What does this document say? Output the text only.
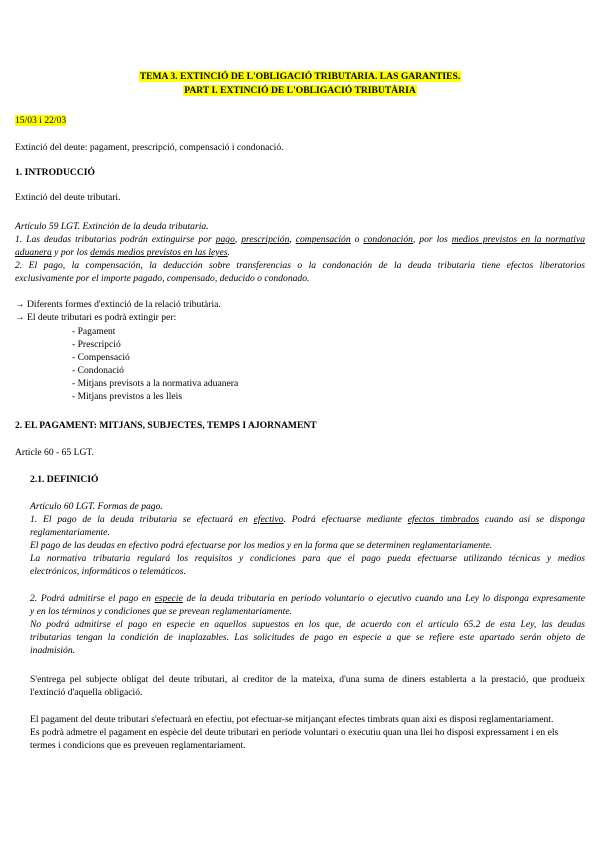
TEMA 3. EXTINCIÓ DE L'OBLIGACIÓ TRIBUTARIA. LAS GARANTIES.
PART I. EXTINCIÓ DE L'OBLIGACIÓ TRIBUTÀRIA

15/03 i 22/03

Extinció del deute: pagament, prescripció, compensació i condonació.

1. INTRODUCCIÓ

Extinció del deute tributari.

Artículo 59 LGT. Extinción de la deuda tributaria.

1. Las deudas tributarias podrán extinguirse por pago, prescripción, compensación o condonación, por los medios previstos en la normativa

aduanera y por los demás medios previstos en las leyes.

2. El pago, la compensación, la deducción sobre transferencias o la condonación de la deuda tributaria tiene efectos liberatorios

exclusivamente por el importe pagado, compensado, deducido o condonado.

→ Diferents formes d'extinció de la relació tributària.

→ El deute tributari es podrà extingir per:

- Pagament

- Prescripció

- Compensació

- Condonació

- Mitjans previsots a la normativa aduanera

- Mitjans previstos a les lleis

2. EL PAGAMENT: MITJANS, SUBJECTES, TEMPS I AJORNAMENT

Article 60 - 65 LGT.

2.1. DEFINICIÓ

Artículo 60 LGT. Formas de pago.

1. El pago de la deuda tributaria se efectuará en efectivo. Podrá efectuarse mediante efectos timbrados cuando así se disponga

reglamentariamente.

El pago de las deudas en efectivo podrá efectuarse por los medios y en la forma que se determinen reglamentariamente.

La normativa tributaria regulará los requisitos y condiciones para que el pago pueda efectuarse utilizando técnicas y medios

electrónicos, informáticos o telemáticos.

2. Podrá admitirse el pago en especie de la deuda tributaria en período voluntario o ejecutivo cuando una Ley lo disponga expresamente

y en los términos y condiciones que se prevean reglamentariamente.

No podrá admitirse el pago en especie en aquellos supuestos en los que, de acuerdo con el artículo 65.2 de esta Ley, las deudas

tributarias tengan la condición de inaplazables. Las solicitudes de pago en especie a que se refiere este apartado serán objeto de

inadmisión.

S'entrega pel subjecte obligat del deute tributari, al creditor de la mateixa, d'una suma de diners establerta a la prestació, que produeix

l'extinció d'aquella obligació.

El pagament del deute tributari s'efectuarà en efectiu, pot efectuar-se mitjançant efectes timbrats quan aixi es disposi reglamentariament.

Es podrà admetre el pagament en espècie del deute tributari en període voluntari o executiu quan una llei ho disposi expressament i en els

termes i condicions que es preveuen reglamentariament.
